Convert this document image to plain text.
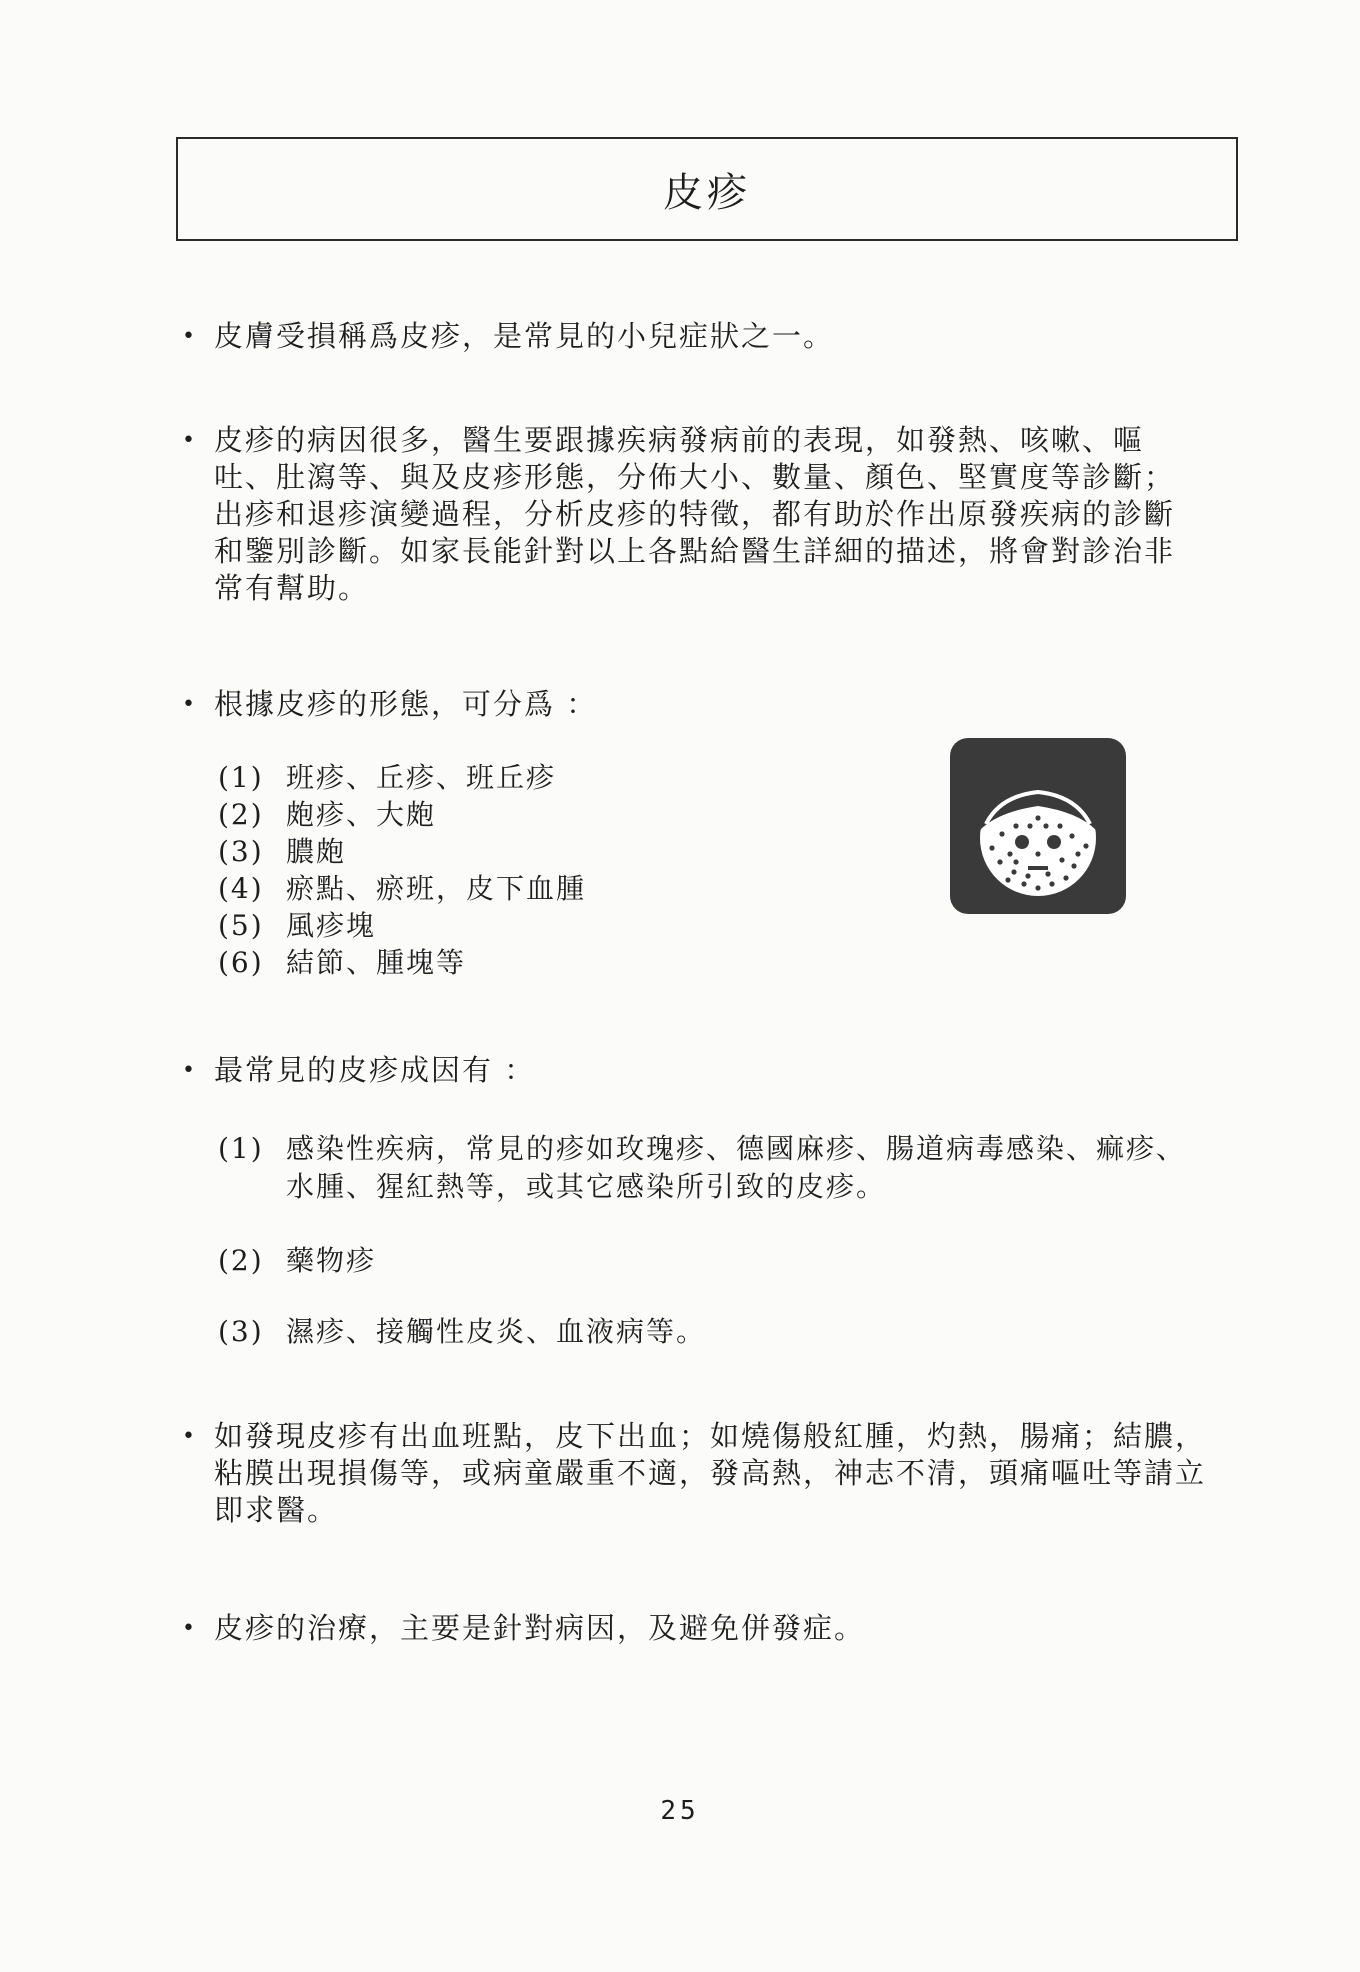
皮疹
• 皮膚受損稱爲皮疹，是常見的小兒症狀之一。
• 皮疹的病因很多，醫生要跟據疾病發病前的表現，如發熱、咳嗽、嘔吐、肚瀉等、與及皮疹形態，分佈大小、數量、顏色、堅實度等診斷；出疹和退疹演變過程，分析皮疹的特徵，都有助於作出原發疾病的診斷和鑒別診斷。如家長能針對以上各點給醫生詳細的描述，將會對診治非常有幫助。
• 根據皮疹的形態，可分爲 ：
(1) 班疹、丘疹、班丘疹
(2) 皰疹、大皰
(3) 膿皰
(4) 瘀點、瘀班，皮下血腫
(5) 風疹塊
(6) 結節、腫塊等
• 最常見的皮疹成因有 ：
(1) 感染性疾病，常見的疹如玫瑰疹、德國麻疹、腸道病毒感染、痲疹、水腫、猩紅熱等，或其它感染所引致的皮疹。
(2) 藥物疹
(3) 濕疹、接觸性皮炎、血液病等。
• 如發現皮疹有出血班點，皮下出血；如燒傷般紅腫，灼熱，腸痛；結膿，粘膜出現損傷等，或病童嚴重不適，發高熱，神志不清，頭痛嘔吐等請立即求醫。
• 皮疹的治療，主要是針對病因，及避免併發症。
25
